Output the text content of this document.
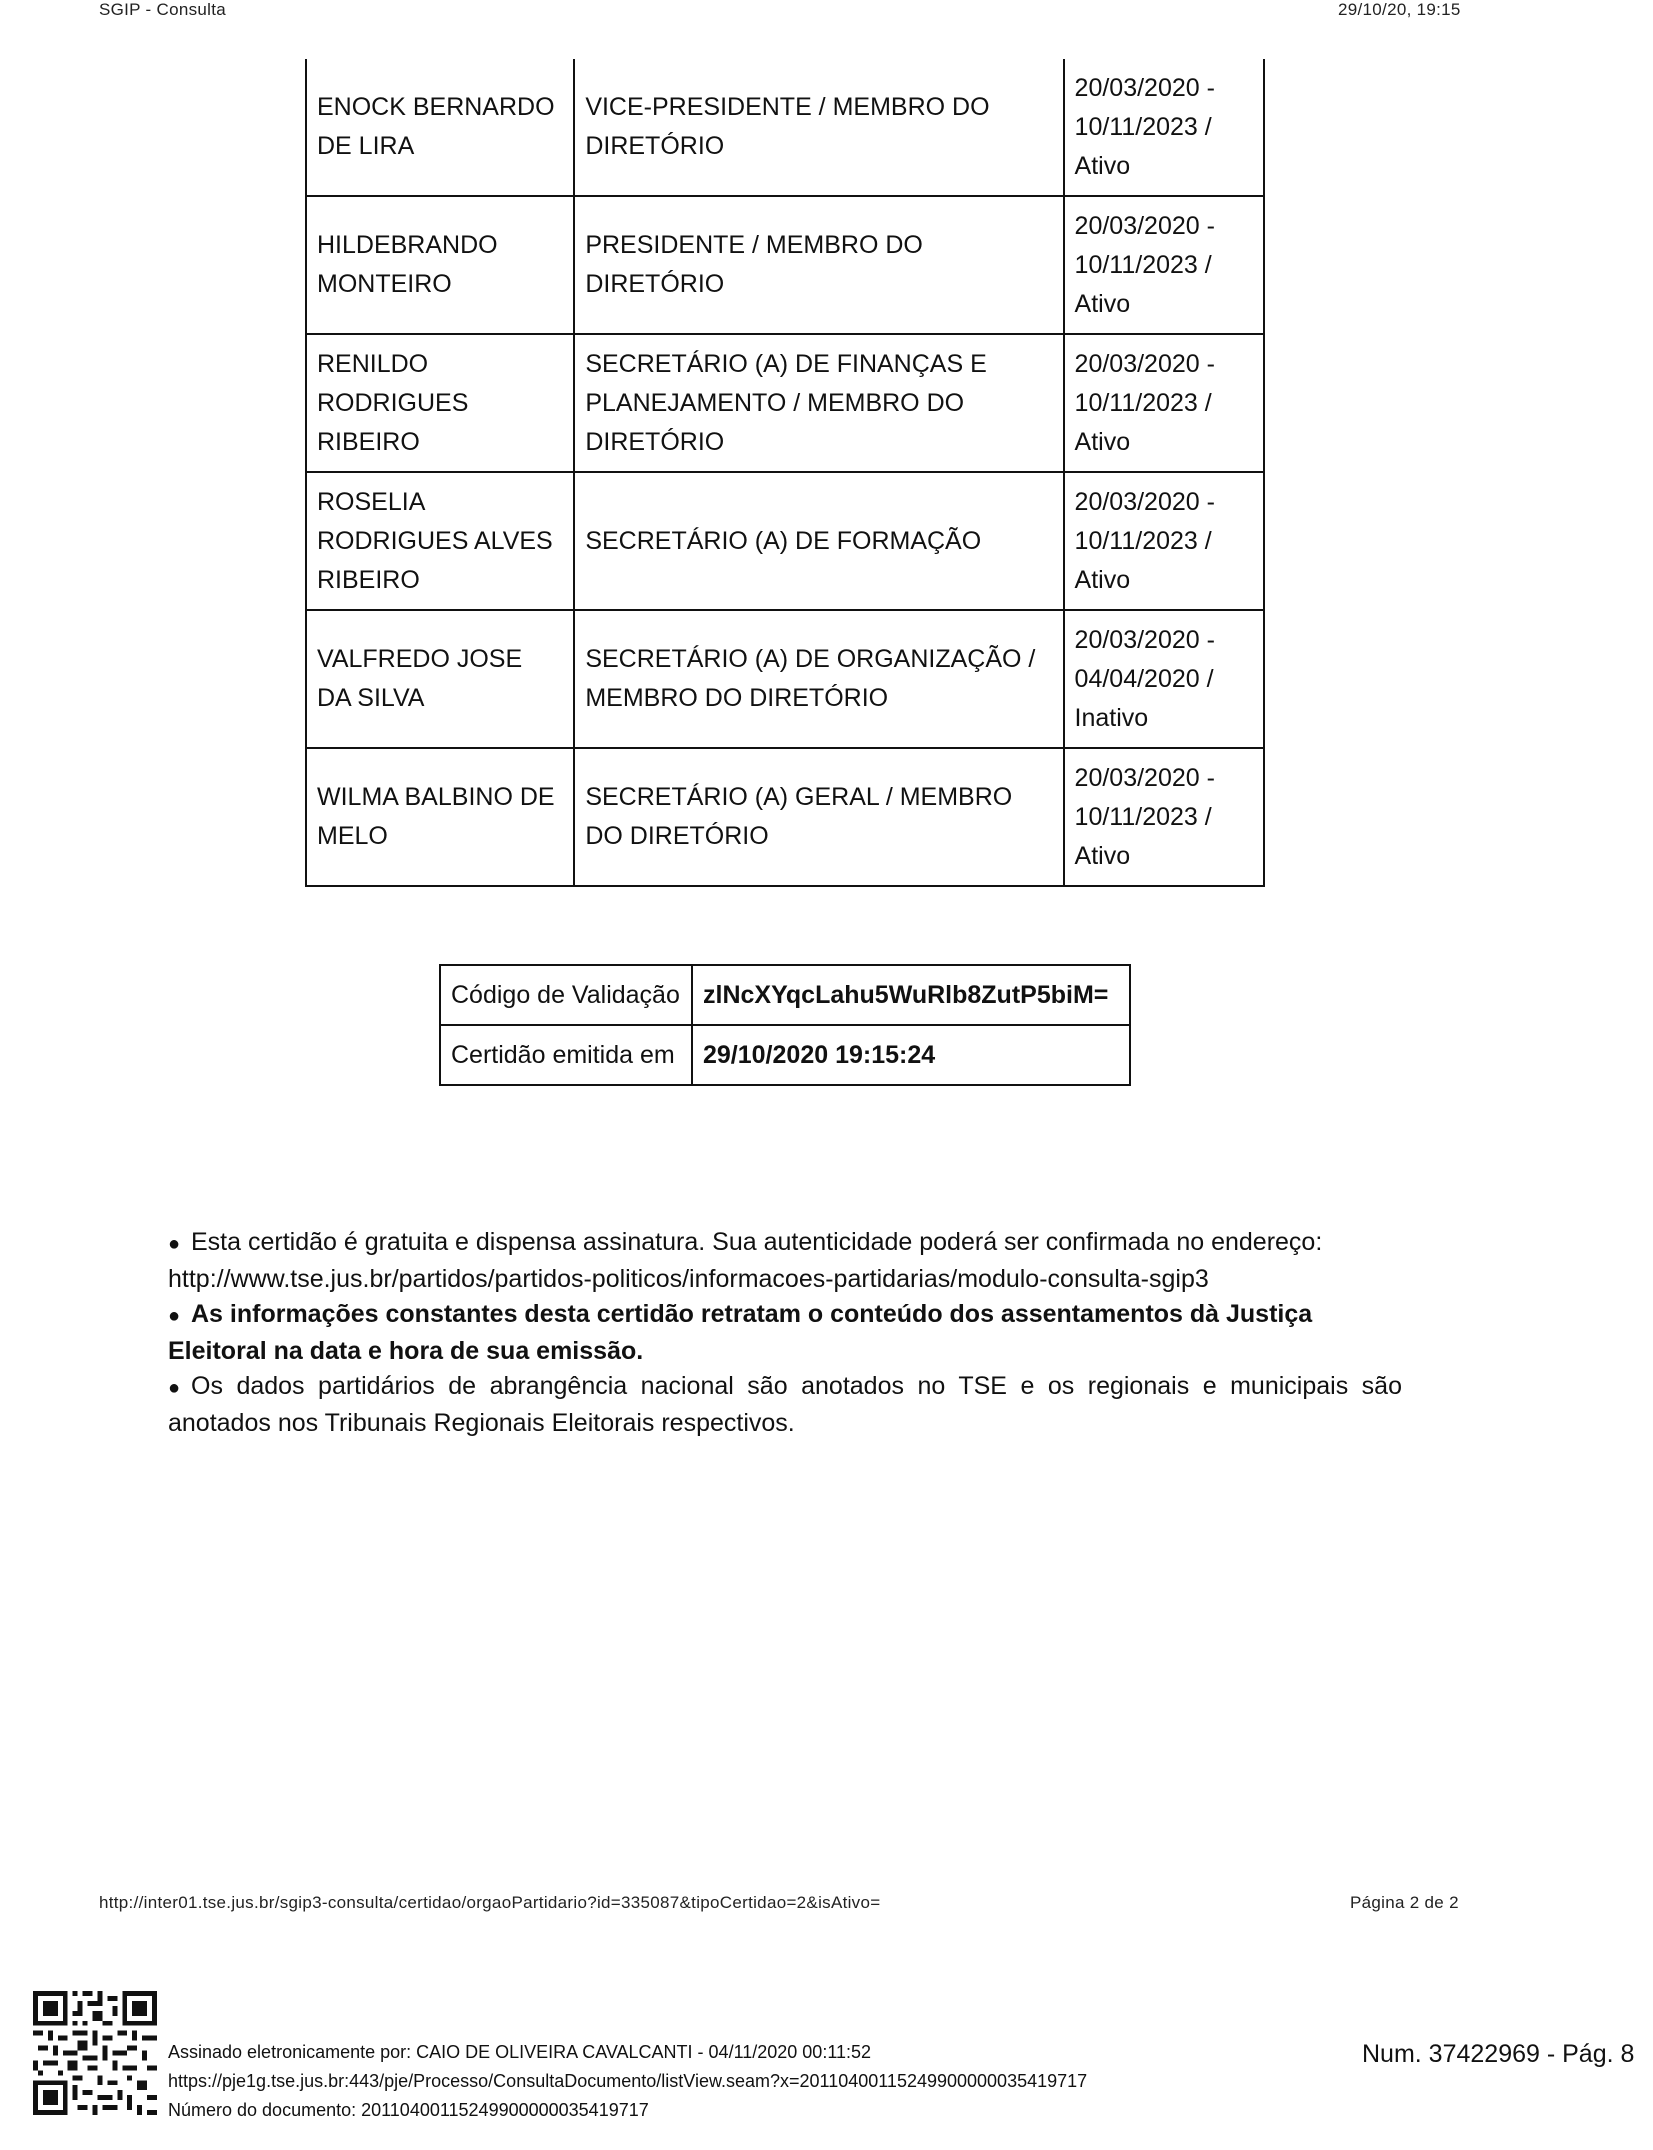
SGIP - Consulta	29/10/20, 19:15
ENOCK BERNARDO DE LIRA	VICE-PRESIDENTE / MEMBRO DO DIRETÓRIO	20/03/2020 - 10/11/2023 / Ativo
HILDEBRANDO MONTEIRO	PRESIDENTE / MEMBRO DO DIRETÓRIO	20/03/2020 - 10/11/2023 / Ativo
RENILDO RODRIGUES RIBEIRO	SECRETÁRIO (A) DE FINANÇAS E PLANEJAMENTO / MEMBRO DO DIRETÓRIO	20/03/2020 - 10/11/2023 / Ativo
ROSELIA RODRIGUES ALVES RIBEIRO	SECRETÁRIO (A) DE FORMAÇÃO	20/03/2020 - 10/11/2023 / Ativo
VALFREDO JOSE DA SILVA	SECRETÁRIO (A) DE ORGANIZAÇÃO / MEMBRO DO DIRETÓRIO	20/03/2020 - 04/04/2020 / Inativo
WILMA BALBINO DE MELO	SECRETÁRIO (A) GERAL / MEMBRO DO DIRETÓRIO	20/03/2020 - 10/11/2023 / Ativo
Código de Validação	zlNcXYqcLahu5WuRlb8ZutP5biM=
Certidão emitida em	29/10/2020 19:15:24

● Esta certidão é gratuita e dispensa assinatura. Sua autenticidade poderá ser confirmada no endereço:
http://www.tse.jus.br/partidos/partidos-politicos/informacoes-partidarias/modulo-consulta-sgip3

● As informações constantes desta certidão retratam o conteúdo dos assentamentos dà Justiça Eleitoral na data e hora de sua emissão.

● Os dados partidários de abrangência nacional são anotados no TSE e os regionais e municipais são anotados nos Tribunais Regionais Eleitorais respectivos.

http://inter01.tse.jus.br/sgip3-consulta/certidao/orgaoPartidario?id=335087&tipoCertidao=2&isAtivo=	Página 2 de 2
Assinado eletronicamente por: CAIO DE OLIVEIRA CAVALCANTI - 04/11/2020 00:11:52
https://pje1g.tse.jus.br:443/pje/Processo/ConsultaDocumento/listView.seam?x=20110400115249900000035419717
Número do documento: 20110400115249900000035419717
Num. 37422969 - Pág. 8
